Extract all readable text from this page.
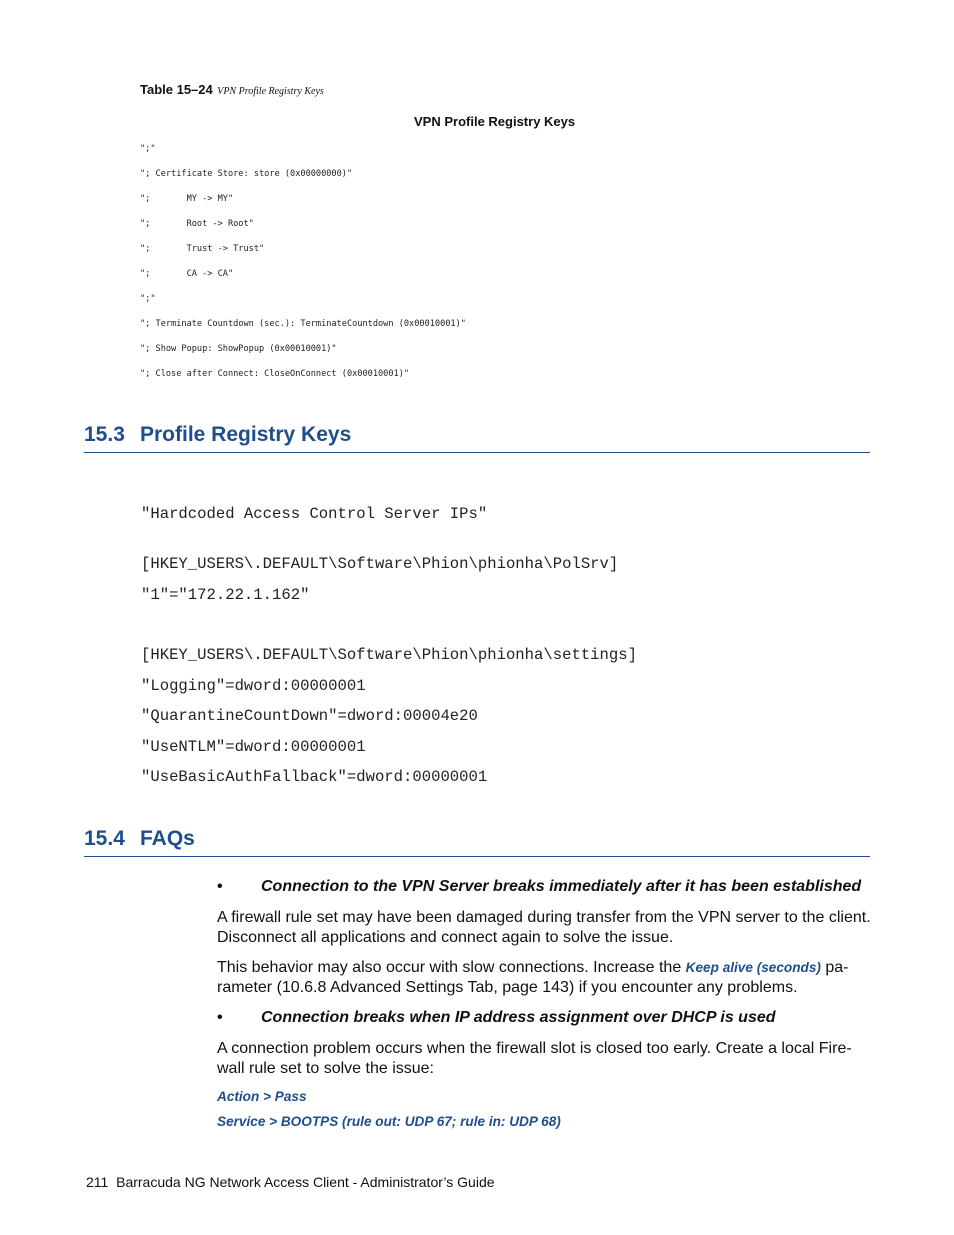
Table 15–24 VPN Profile Registry Keys
VPN Profile Registry Keys
";"
"; Certificate Store: store (0x00000000)"
";       MY -> MY"
";       Root -> Root"
";       Trust -> Trust"
";       CA -> CA"
";"
"; Terminate Countdown (sec.): TerminateCountdown (0x00010001)"
"; Show Popup: ShowPopup (0x00010001)"
"; Close after Connect: CloseOnConnect (0x00010001)"
15.3 Profile Registry Keys
"Hardcoded Access Control Server IPs"
[HKEY_USERS\.DEFAULT\Software\Phion\phionha\PolSrv]
"1"="172.22.1.162"
[HKEY_USERS\.DEFAULT\Software\Phion\phionha\settings]
"Logging"=dword:00000001
"QuarantineCountDown"=dword:00004e20
"UseNTLM"=dword:00000001
"UseBasicAuthFallback"=dword:00000001
15.4 FAQs
• Connection to the VPN Server breaks immediately after it has been established
A firewall rule set may have been damaged during transfer from the VPN server to the client.
Disconnect all applications and connect again to solve the issue.
This behavior may also occur with slow connections. Increase the Keep alive (seconds) pa-
rameter (10.6.8 Advanced Settings Tab, page 143) if you encounter any problems.
• Connection breaks when IP address assignment over DHCP is used
A connection problem occurs when the firewall slot is closed too early. Create a local Fire-
wall rule set to solve the issue:
Action > Pass
Service > BOOTPS (rule out: UDP 67; rule in: UDP 68)
211 Barracuda NG Network Access Client - Administrator’s Guide
